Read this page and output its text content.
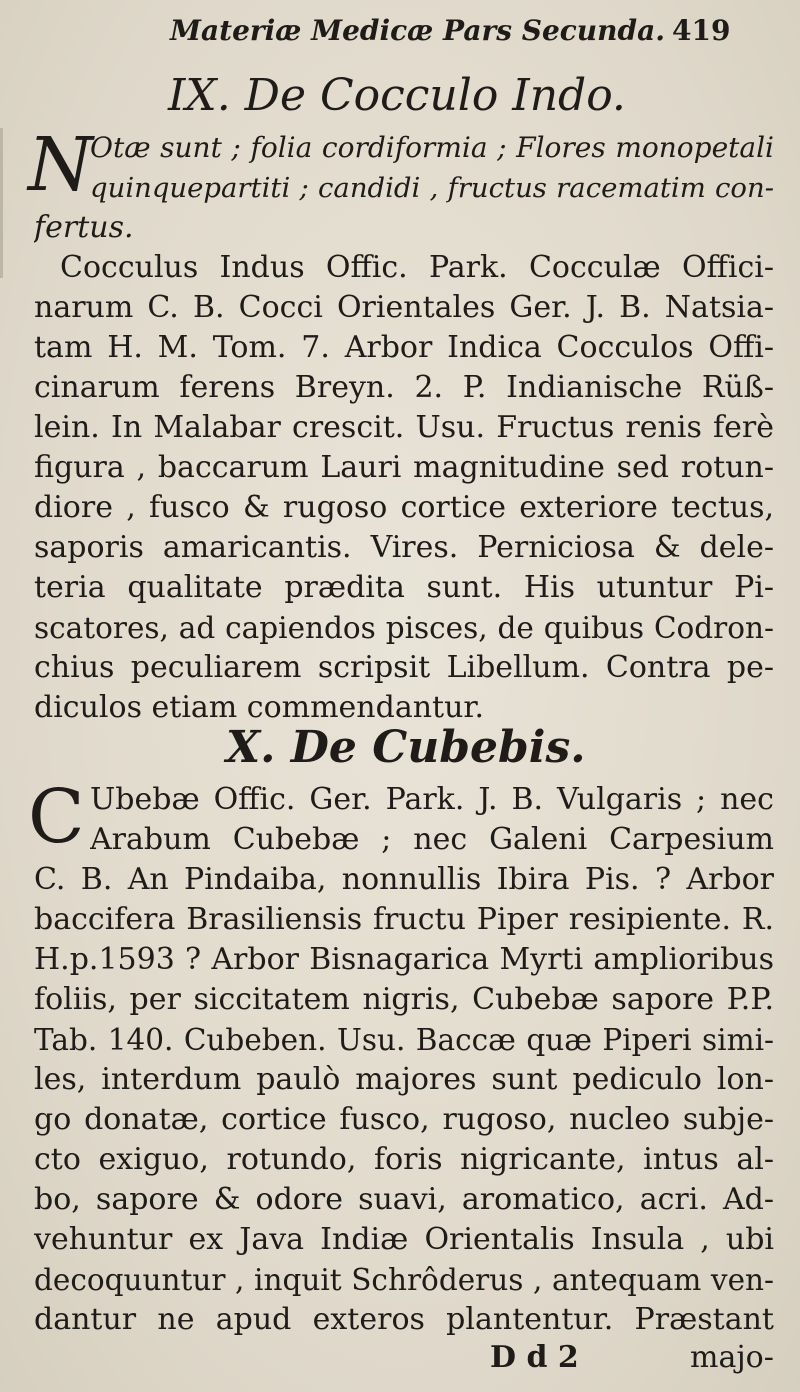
Materiæ Medicæ Pars Secunda. 419
IX. De Cocculo Indo.
N
Otæ sunt ; folia cordiformia ; Flores monopetali
quinquepartiti ; candidi , fructus racematim con-
fertus.
Cocculus Indus Offic. Park. Cocculæ Offici-
narum C. B. Cocci Orientales Ger. J. B. Natsia-
tam H. M. Tom. 7. Arbor Indica Cocculos Offi-
cinarum ferens Breyn. 2. P. Indianische Rüß-
lein. In Malabar crescit. Usu. Fructus renis ferè
figura , baccarum Lauri magnitudine sed rotun-
diore , fusco & rugoso cortice exteriore tectus,
saporis amaricantis. Vires. Perniciosa & dele-
teria qualitate prædita sunt. His utuntur Pi-
scatores, ad capiendos pisces, de quibus Codron-
chius peculiarem scripsit Libellum. Contra pe-
diculos etiam commendantur.
X. De Cubebis.
C Ubebæ Offic. Ger. Park. J. B. Vulgaris ; nec
Arabum Cubebæ ; nec Galeni Carpesium
C. B. An Pindaiba, nonnullis Ibira Pis. ? Arbor
baccifera Brasiliensis fructu Piper resipiente. R.
H.p.1593 ? Arbor Bisnagarica Myrti amplioribus
foliis, per siccitatem nigris, Cubebæ sapore P.P.
Tab. 140. Cubeben. Usu. Baccæ quæ Piperi simi-
les, interdum paulò majores sunt pediculo lon-
go donatæ, cortice fusco, rugoso, nucleo subje-
cto exiguo, rotundo, foris nigricante, intus al-
bo, sapore & odore suavi, aromatico, acri. Ad-
vehuntur ex Java Indiæ Orientalis Insula , ubi
decoquuntur , inquit Schrôderus , antequam ven-
dantur ne apud exteros plantentur. Præstant
D d 2	majo-
